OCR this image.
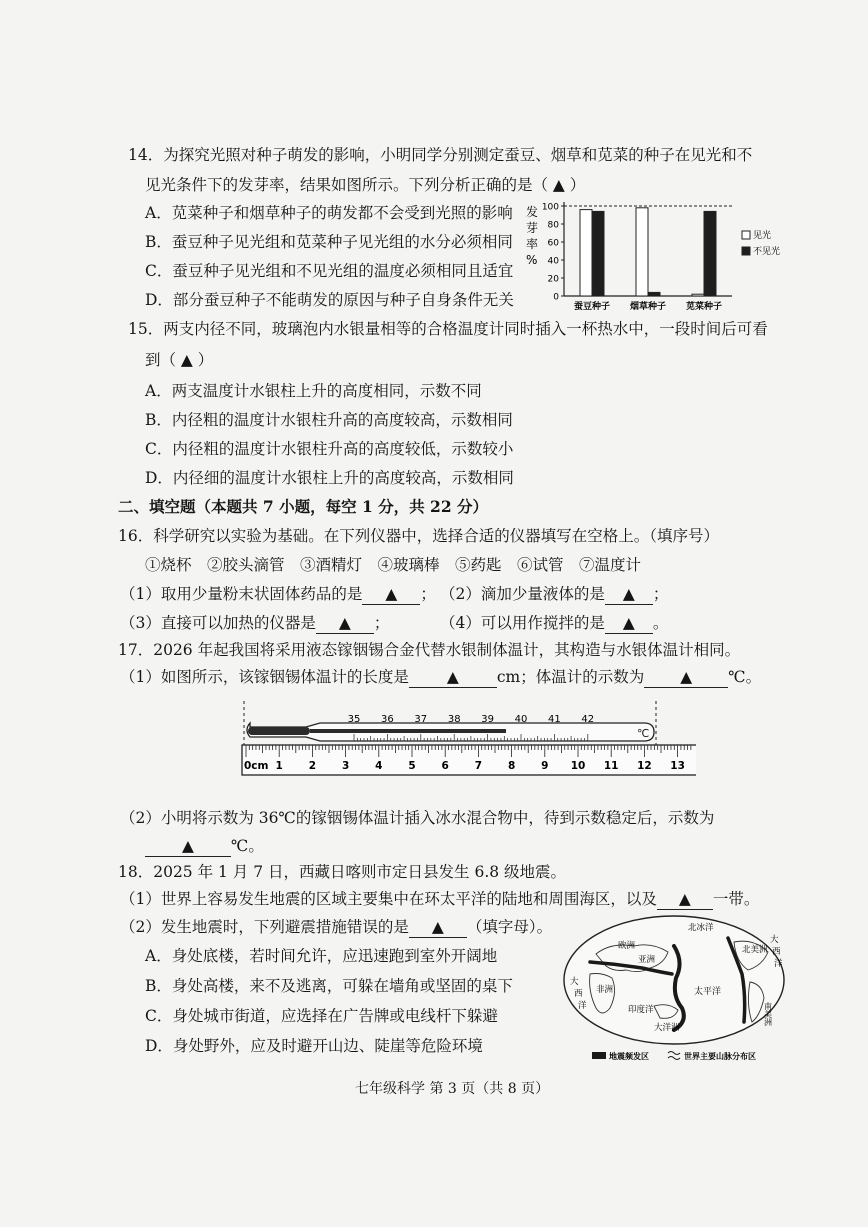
14．为探究光照对种子萌发的影响，小明同学分别测定蚕豆、烟草和苋菜的种子在见光和不
见光条件下的发芽率，结果如图所示。下列分析正确的是（ ▲ ）
A．苋菜种子和烟草种子的萌发都不会受到光照的影响
B．蚕豆种子见光组和苋菜种子见光组的水分必须相同
C．蚕豆种子见光组和不见光组的温度必须相同且适宜
D．部分蚕豆种子不能萌发的原因与种子自身条件无关
发
芽
率
%
0
20
40
60
80
100
蚕豆种子 烟草种子 苋菜种子
见光
不见光
15．两支内径不同，玻璃泡内水银量相等的合格温度计同时插入一杯热水中，一段时间后可看
到（ ▲ ）
A．两支温度计水银柱上升的高度相同，示数不同
B．内径粗的温度计水银柱升高的高度较高，示数相同
C．内径粗的温度计水银柱升高的高度较低，示数较小
D．内径细的温度计水银柱上升的高度较高，示数相同
二、填空题（本题共 7 小题，每空 1 分，共 22 分）
16．科学研究以实验为基础。在下列仪器中，选择合适的仪器填写在空格上。（填序号）
①烧杯　②胶头滴管　③酒精灯　④玻璃棒　⑤药匙　⑥试管　⑦温度计
（1）取用少量粉末状固体药品的是 ▲ ； （2）滴加少量液体的是 ▲ ；
（3）直接可以加热的仪器是 ▲ ；	（4）可以用作搅拌的是 ▲ 。
17．2026 年起我国将采用液态镓铟锡合金代替水银制体温计，其构造与水银体温计相同。
（1）如图所示，该镓铟锡体温计的长度是 ▲ cm；体温计的示数为 ▲ ℃。
35 36 37 38 39 40 41 42
℃
0cm 1 2 3 4 5 6 7 8 9 10 11 12 13
（2）小明将示数为 36℃的镓铟锡体温计插入冰水混合物中，待到示数稳定后，示数为
▲ ℃。
18．2025 年 1 月 7 日，西藏日喀则市定日县发生 6.8 级地震。
（1）世界上容易发生地震的区域主要集中在环太平洋的陆地和周围海区，以及 ▲ 一带。
（2）发生地震时，下列避震措施错误的是 ▲ （填字母）。
A．身处底楼，若时间允许，应迅速跑到室外开阔地
B．身处高楼，来不及逃离，可躲在墙角或坚固的桌下
C．身处城市街道，应选择在广告牌或电线杆下躲避
D．身处野外，应及时避开山边、陡崖等危险环境
北冰洋
欧洲
亚洲
非洲
印度洋
大洋洲
太平洋
大
西
洋
北美洲
南美洲
大
西
洋
地震频发区	世界主要山脉分布区
七年级科学 第 3 页（共 8 页）
